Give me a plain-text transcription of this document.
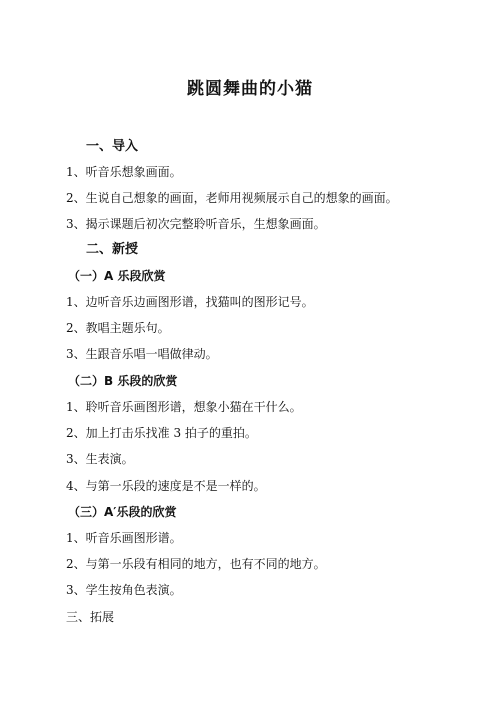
跳圆舞曲的小猫
一、导入
1、听音乐想象画面。
2、生说自己想象的画面，老师用视频展示自己的想象的画面。
3、揭示课题后初次完整聆听音乐，生想象画面。
二、新授
（一）A 乐段欣赏
1、边听音乐边画图形谱，找猫叫的图形记号。
2、教唱主题乐句。
3、生跟音乐唱一唱做律动。
（二）B 乐段的欣赏
1、聆听音乐画图形谱，想象小猫在干什么。
2、加上打击乐找准 3 拍子的重拍。
3、生表演。
4、与第一乐段的速度是不是一样的。
（三）A′乐段的欣赏
1、听音乐画图形谱。
2、与第一乐段有相同的地方，也有不同的地方。
3、学生按角色表演。
三、拓展
